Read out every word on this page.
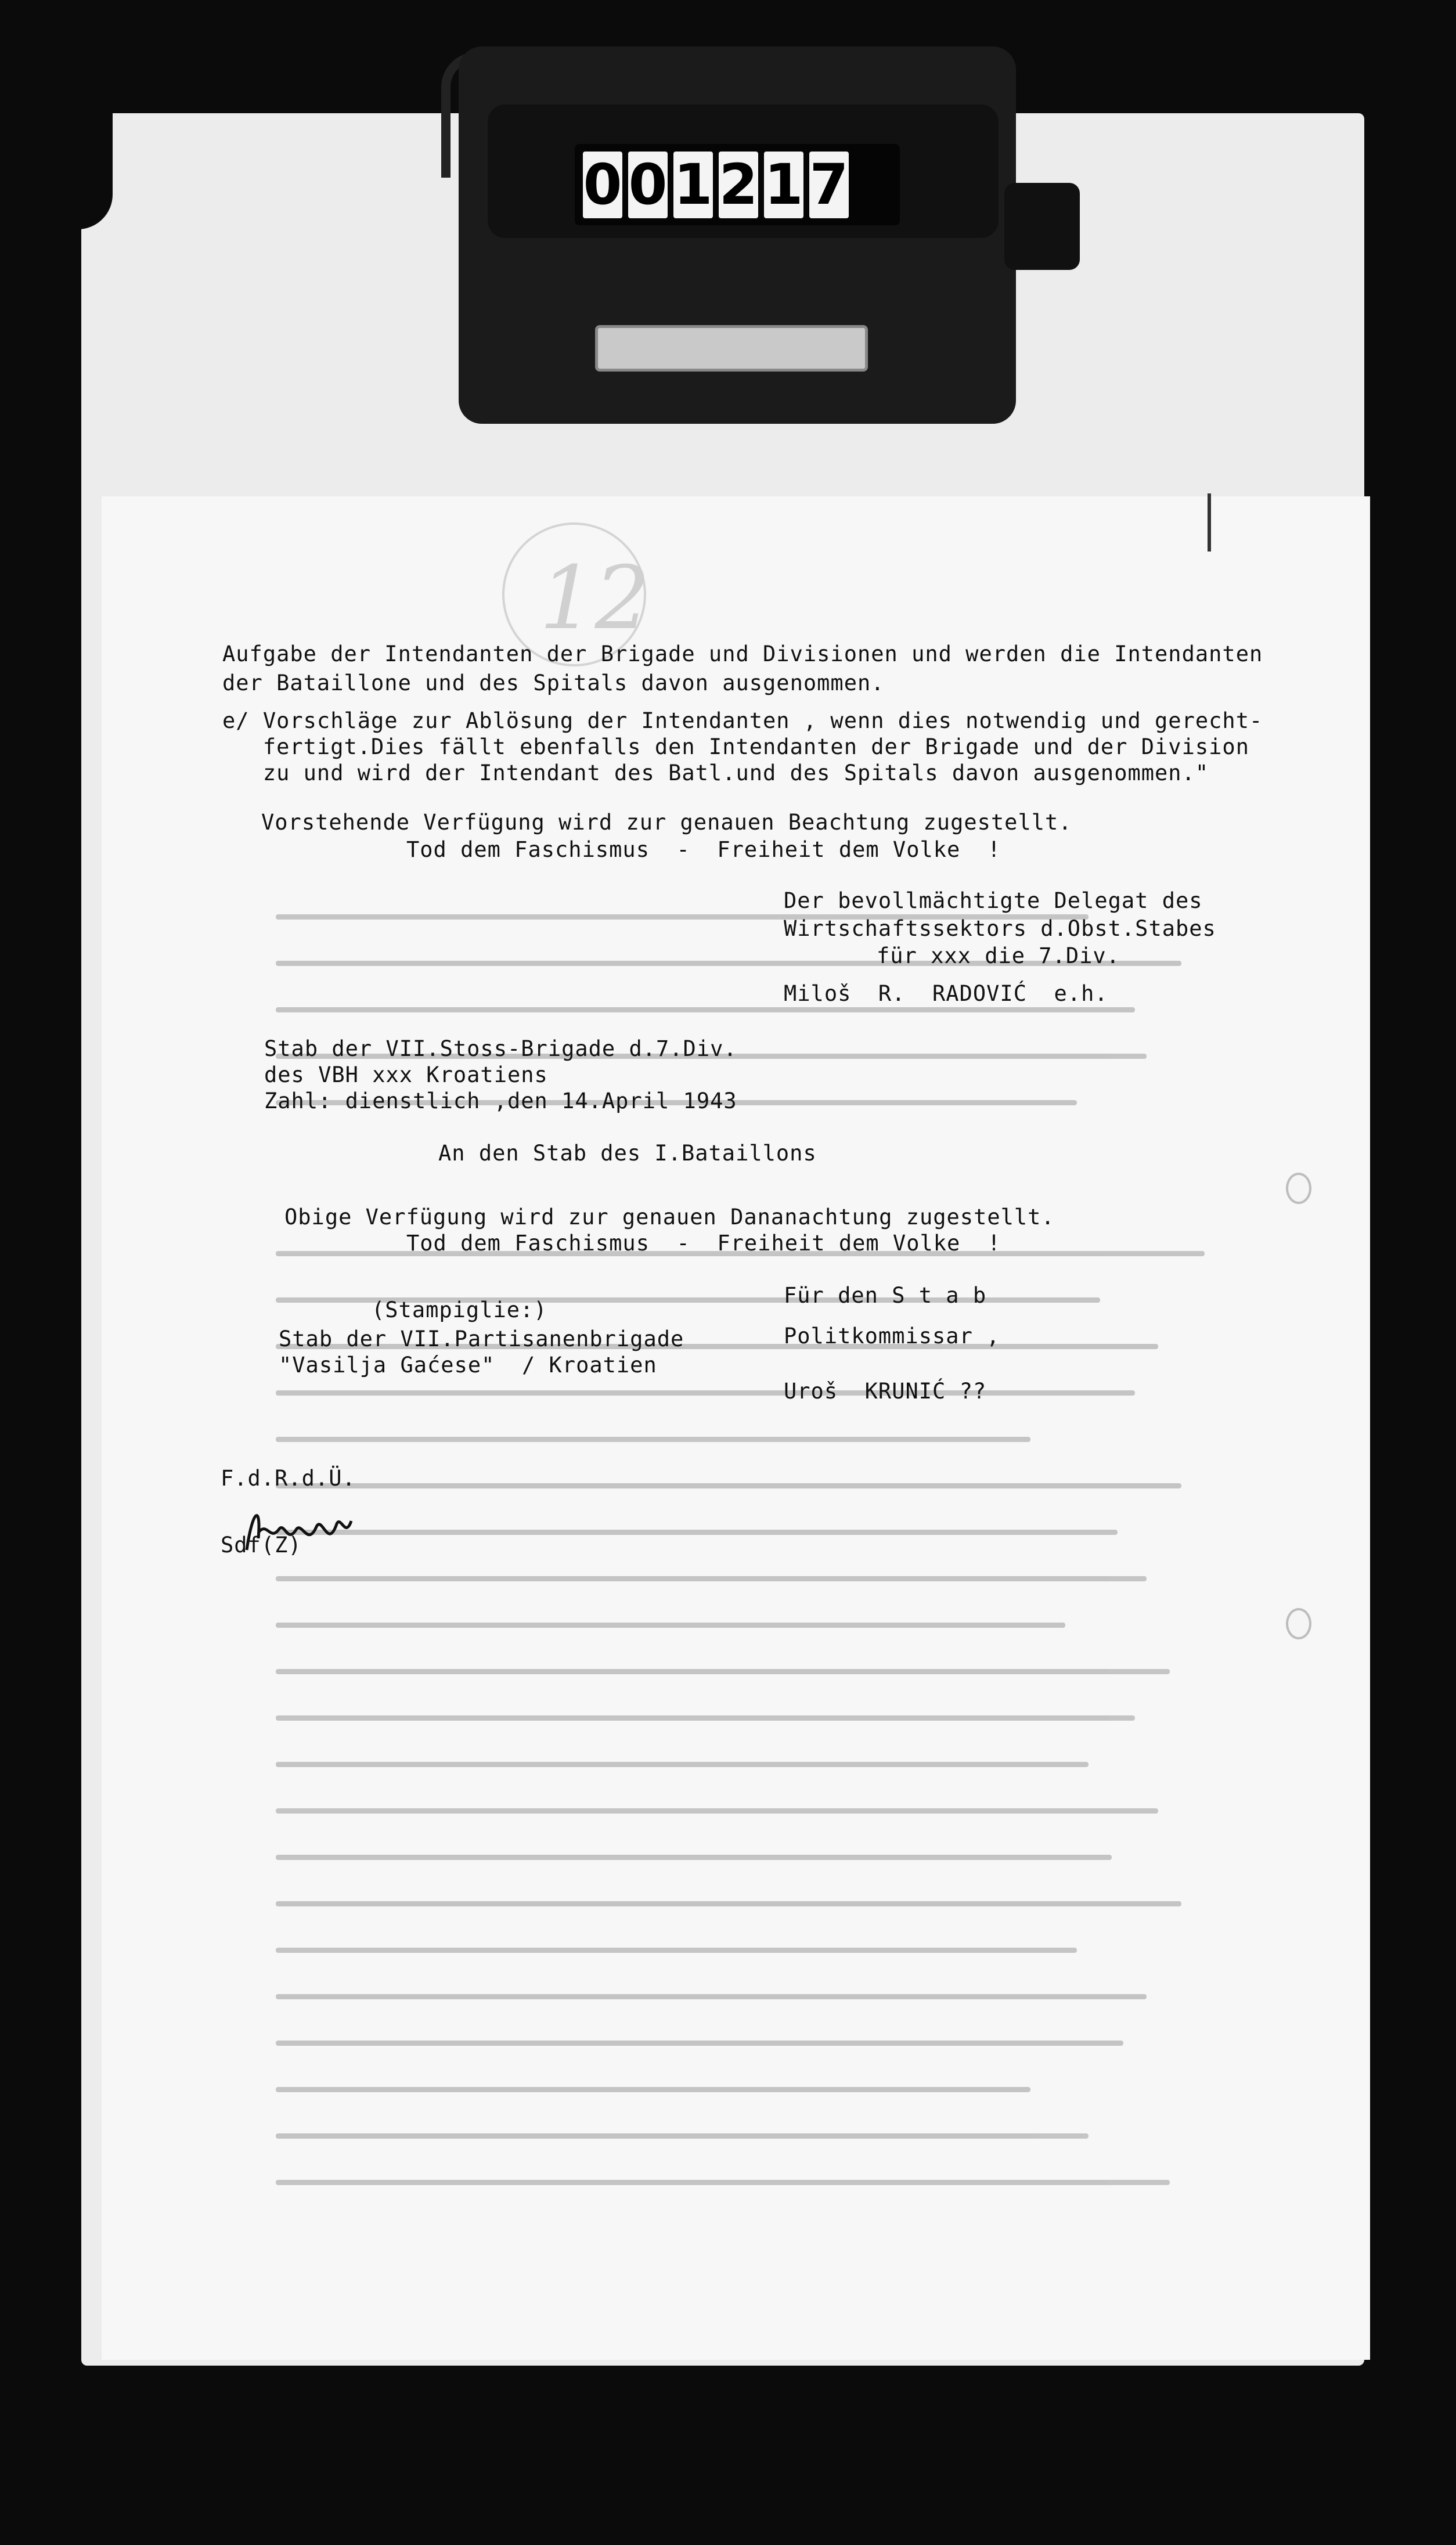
12
0 0 1 2 1 7
Aufgabe der Intendanten der Brigade und Divisionen und werden die Intendanten
der Bataillone und des Spitals davon ausgenommen.
e/ Vorschläge zur Ablösung der Intendanten , wenn dies notwendig und gerecht-
fertigt.Dies fällt ebenfalls den Intendanten der Brigade und der Division
zu und wird der Intendant des Batl.und des Spitals davon ausgenommen."
Vorstehende Verfügung wird zur genauen Beachtung zugestellt.
Tod dem Faschismus  -  Freiheit dem Volke  !
Der bevollmächtigte Delegat des
Wirtschaftssektors d.Obst.Stabes
für xxx die 7.Div.
Miloš  R.  RADOVIĆ  e.h.
Stab der VII.Stoss-Brigade d.7.Div.
des VBH xxx Kroatiens
Zahl: dienstlich ,den 14.April 1943
An den Stab des I.Bataillons
Obige Verfügung wird zur genauen Dananachtung zugestellt.
Tod dem Faschismus  -  Freiheit dem Volke  !
(Stampiglie:)
Stab der VII.Partisanenbrigade
"Vasilja Gaćese"  / Kroatien
Für den S t a b
Politkommissar ,
Uroš  KRUNIĆ ??
F.d.R.d.Ü.
Sdf(Z)
